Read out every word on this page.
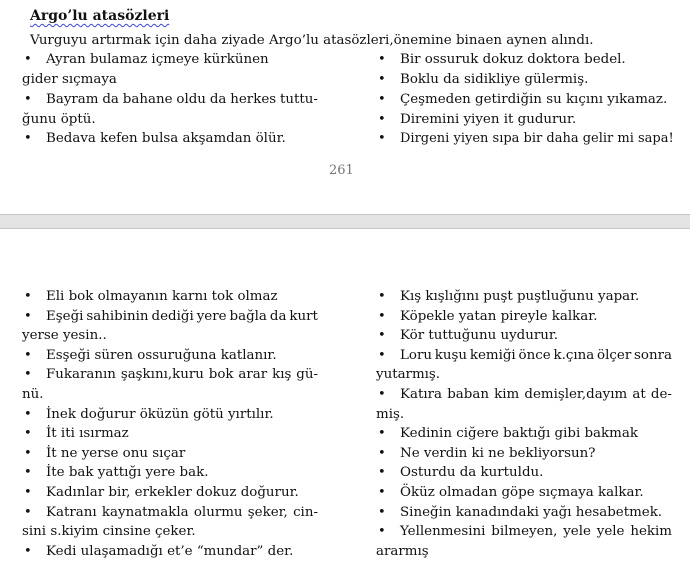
Argo’lu atasözleri
Vurguyu artırmak için daha ziyade Argo’lu atasözleri,önemine binaen aynen alındı.
• Ayran bulamaz içmeye kürkünen
gider sıçmaya
• Bayram da bahane oldu da herkes tuttu-
ğunu öptü.
• Bedava kefen bulsa akşamdan ölür.
• Bir ossuruk dokuz doktora bedel.
• Boklu da sidikliye gülermiş.
• Çeşmeden getirdiğin su kıçını yıkamaz.
• Diremini yiyen it gudurur.
• Dirgeni yiyen sıpa bir daha gelir mi sapa!
261
• Eli bok olmayanın karnı tok olmaz
• Eşeği sahibinin dediği yere bağla da kurt
yerse yesin..
• Esşeği süren ossuruğuna katlanır.
• Fukaranın şaşkını,kuru bok arar kış gü-
nü.
• İnek doğurur öküzün götü yırtılır.
• İt iti ısırmaz
• İt ne yerse onu sıçar
• İte bak yattığı yere bak.
• Kadınlar bir, erkekler dokuz doğurur.
• Katranı kaynatmakla olurmu şeker, cin-
sini s.kiyim cinsine çeker.
• Kedi ulaşamadığı et’e “mundar” der.
• Kış kışlığını puşt puştluğunu yapar.
• Köpekle yatan pireyle kalkar.
• Kör tuttuğunu uydurur.
• Loru kuşu kemiği önce k.çına ölçer sonra
yutarmış.
• Katıra baban kim demişler,dayım at de-
miş.
• Kedinin ciğere baktığı gibi bakmak
• Ne verdin ki ne bekliyorsun?
• Osturdu da kurtuldu.
• Öküz olmadan göpe sıçmaya kalkar.
• Sineğin kanadındaki yağı hesabetmek.
• Yellenmesini bilmeyen, yele yele hekim
ararmış
